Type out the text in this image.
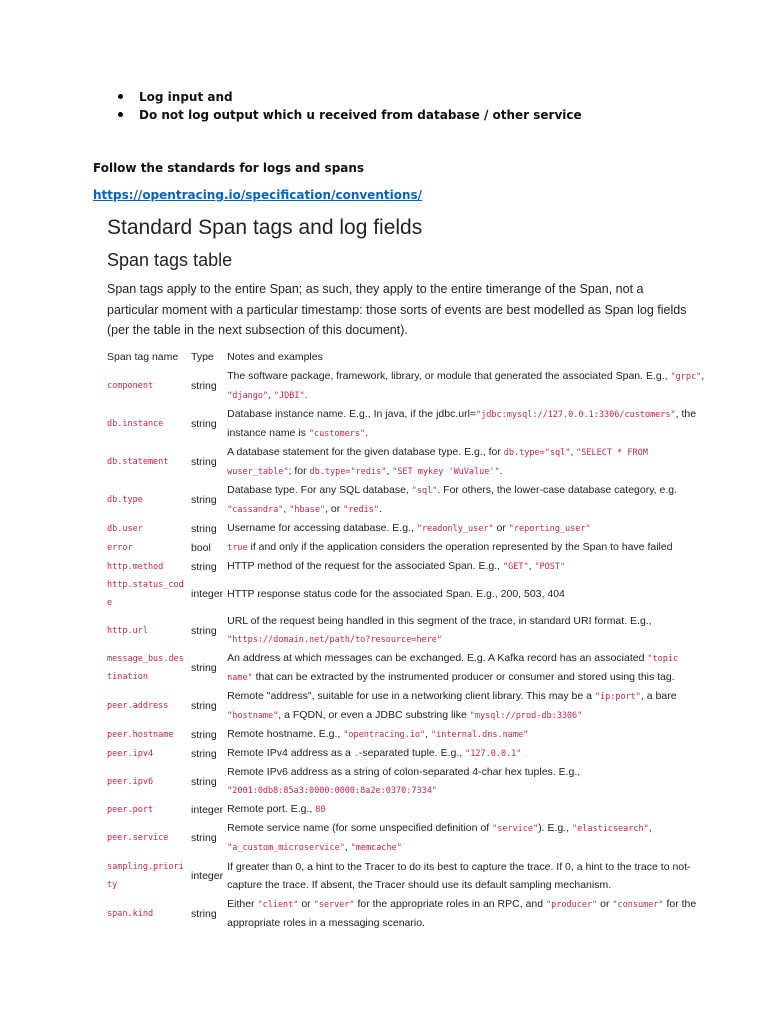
Log input and
Do not log output which u received from database / other service
Follow the standards for logs and spans
https://opentracing.io/specification/conventions/
Standard Span tags and log fields
Span tags table

Span tags apply to the entire Span; as such, they apply to the entire timerange of the Span, not a particular moment with a particular timestamp: those sorts of events are best modelled as Span log fields (per the table in the next subsection of this document).

Span tag name	Type	Notes and examples
component	string	The software package, framework, library, or module that generated the associated Span. E.g., "grpc", "django", "JDBI".
db.instance	string	Database instance name. E.g., In java, if the jdbc.url="jdbc:mysql://127.0.0.1:3306/customers", the instance name is "customers".
db.statement	string	A database statement for the given database type. E.g., for db.type="sql", "SELECT * FROM wuser_table"; for db.type="redis", "SET mykey 'WuValue'".
db.type	string	Database type. For any SQL database, "sql". For others, the lower-case database category, e.g. "cassandra", "hbase", or "redis".
db.user	string	Username for accessing database. E.g., "readonly_user" or "reporting_user"
error	bool	true if and only if the application considers the operation represented by the Span to have failed
http.method	string	HTTP method of the request for the associated Span. E.g., "GET", "POST"
http.status_code	integer	HTTP response status code for the associated Span. E.g., 200, 503, 404
http.url	string	URL of the request being handled in this segment of the trace, in standard URI format. E.g., "https://domain.net/path/to?resource=here"
message_bus.destination	string	An address at which messages can be exchanged. E.g. A Kafka record has an associated "topic name" that can be extracted by the instrumented producer or consumer and stored using this tag.
peer.address	string	Remote "address", suitable for use in a networking client library. This may be a "ip:port", a bare "hostname", a FQDN, or even a JDBC substring like "mysql://prod-db:3306"
peer.hostname	string	Remote hostname. E.g., "opentracing.io", "internal.dns.name"
peer.ipv4	string	Remote IPv4 address as a .-separated tuple. E.g., "127.0.0.1"
peer.ipv6	string	Remote IPv6 address as a string of colon-separated 4-char hex tuples. E.g., "2001:0db8:85a3:0000:0000:8a2e:0370:7334"
peer.port	integer	Remote port. E.g., 80
peer.service	string	Remote service name (for some unspecified definition of "service"). E.g., "elasticsearch", "a_custom_microservice", "memcache"
sampling.priority	integer	If greater than 0, a hint to the Tracer to do its best to capture the trace. If 0, a hint to the trace to not-capture the trace. If absent, the Tracer should use its default sampling mechanism.
span.kind	string	Either "client" or "server" for the appropriate roles in an RPC, and "producer" or "consumer" for the appropriate roles in a messaging scenario.
